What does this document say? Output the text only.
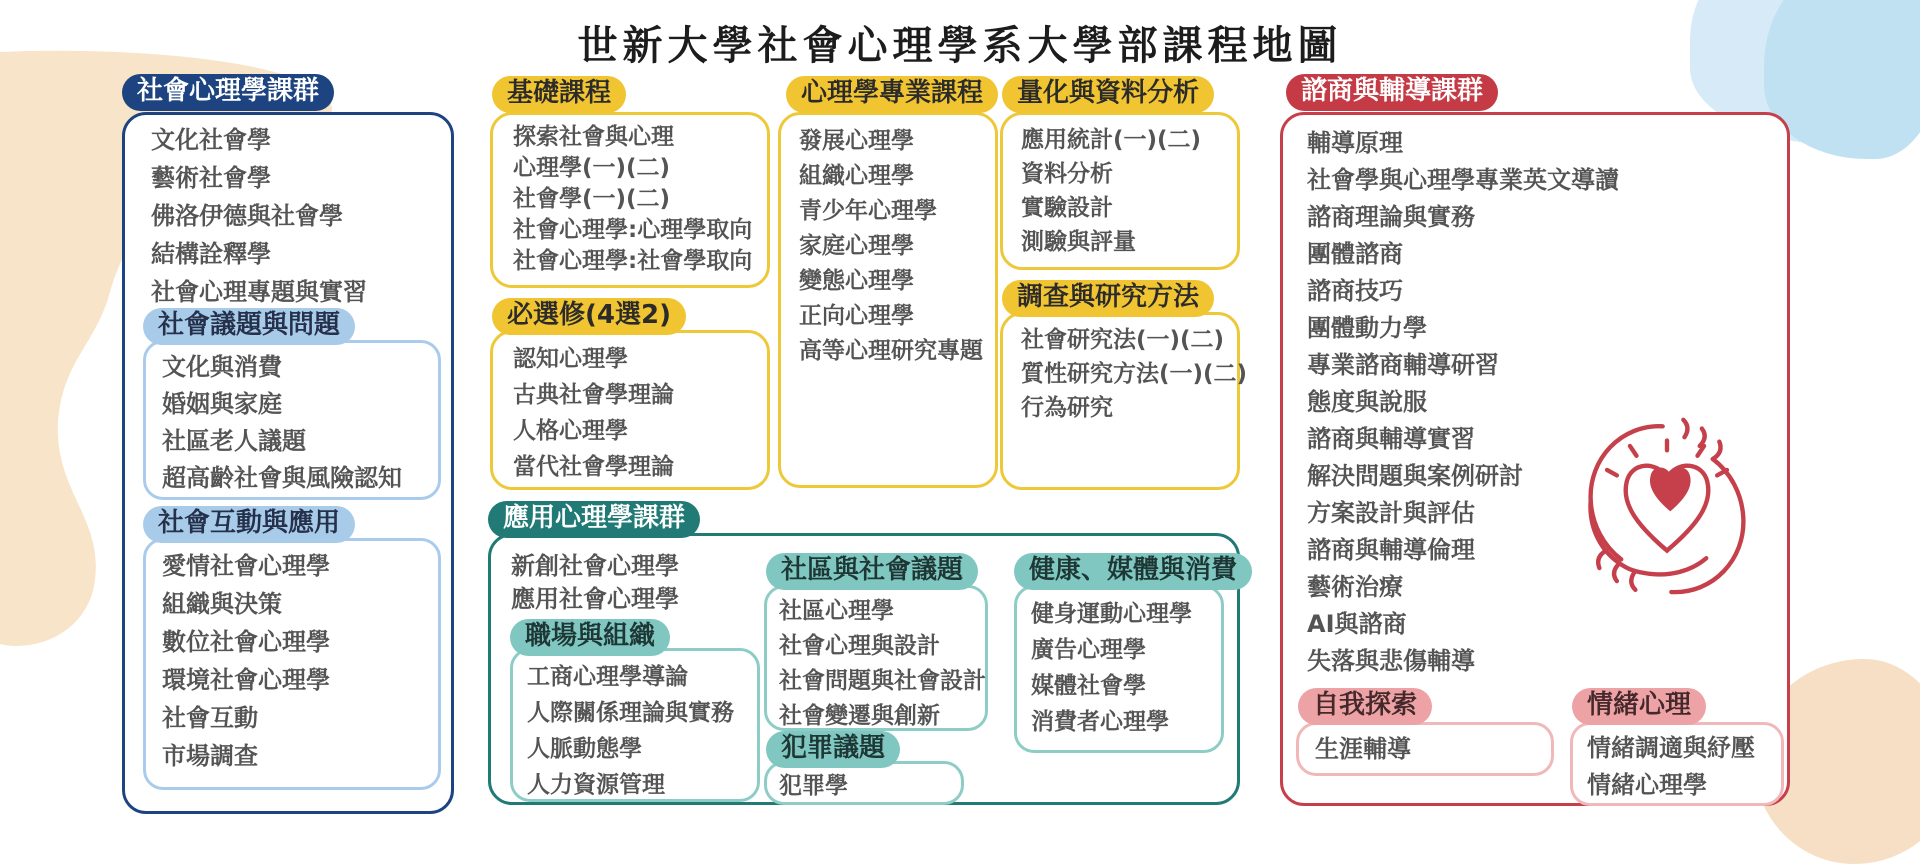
世新大學社會心理學系大學部課程地圖
文化社會學
藝術社會學
佛洛伊德與社會學
結構詮釋學
社會心理專題與實習
社會心理學課群
文化與消費
婚姻與家庭
社區老人議題
超高齡社會與風險認知
社會議題與問題
愛情社會心理學
組織與決策
數位社會心理學
環境社會心理學
社會互動
市場調查
社會互動與應用
探索社會與心理
心理學(一)(二)
社會學(一)(二)
社會心理學:心理學取向
社會心理學:社會學取向
基礎課程
認知心理學
古典社會學理論
人格心理學
當代社會學理論
必選修(4選2)
發展心理學
組織心理學
青少年心理學
家庭心理學
變態心理學
正向心理學
高等心理研究專題
心理學專業課程
應用統計(一)(二)
資料分析
實驗設計
測驗與評量
量化與資料分析
社會研究法(一)(二)
質性研究方法(一)(二)
行為研究
調查與研究方法
新創社會心理學
應用社會心理學
應用心理學課群
工商心理學導論
人際關係理論與實務
人脈動態學
人力資源管理
職場與組織
社區心理學
社會心理與設計
社會問題與社會設計
社會變遷與創新
社區與社會議題
犯罪學
犯罪議題
健身運動心理學
廣告心理學
媒體社會學
消費者心理學
健康、媒體與消費
輔導原理
社會學與心理學專業英文導讀
諮商理論與實務
團體諮商
諮商技巧
團體動力學
專業諮商輔導研習
態度與說服
諮商與輔導實習
解決問題與案例研討
方案設計與評估
諮商與輔導倫理
藝術治療
AI與諮商
失落與悲傷輔導
諮商與輔導課群
生涯輔導
自我探索
情緒調適與紓壓
情緒心理學
情緒心理
